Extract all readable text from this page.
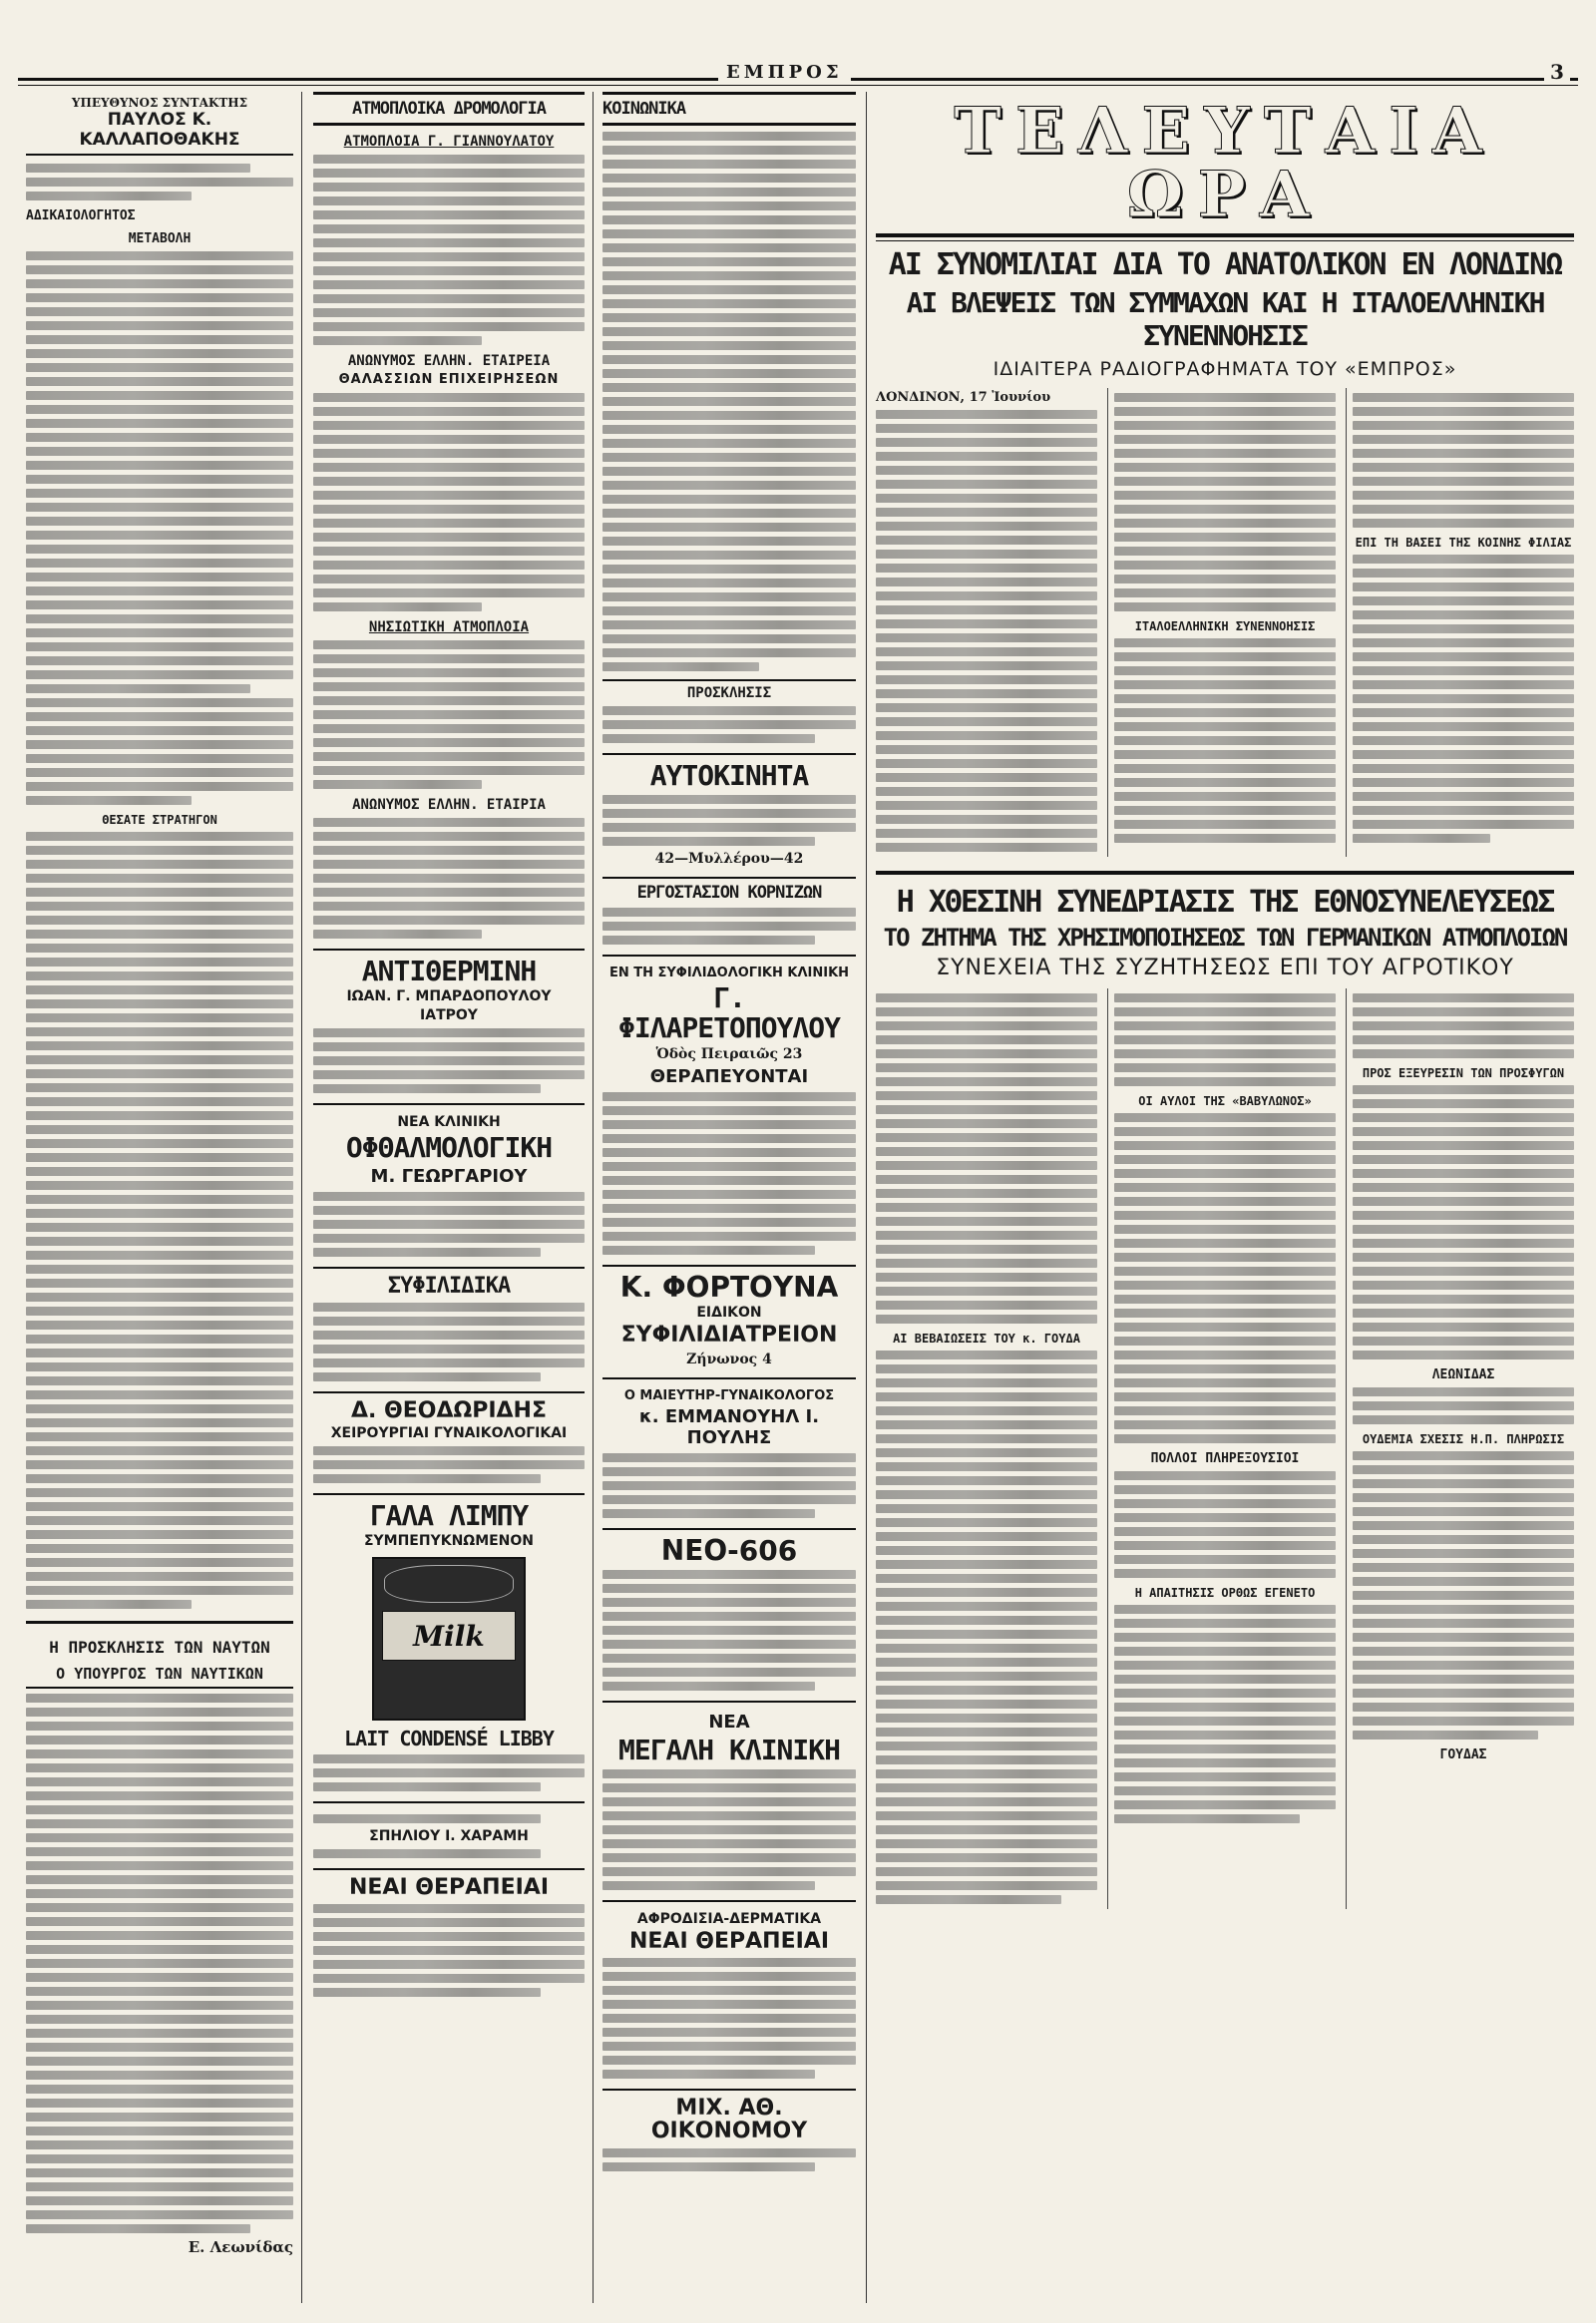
ΕΜΠΡΟΣ	3
ΥΠΕΥΘΥΝΟΣ ΣΥΝΤΑΚΤΗΣ
ΠΑΥΛΟΣ Κ. ΚΑΛΛΑΠΟΘΑΚΗΣ
ΑΔΙΚΑΙΟΛΟΓΗΤΟΣ
ΜΕΤΑΒΟΛΗ
ΘΕΣΑΤΕ ΣΤΡΑΤΗΓΟΝ
Η ΠΡΟΣΚΛΗΣΙΣ ΤΩΝ ΝΑΥΤΩΝ
Ο ΥΠΟΥΡΓΟΣ ΤΩΝ ΝΑΥΤΙΚΩΝ
Ε. Λεωνίδας
ΑΤΜΟΠΛΟΙΚΑ ΔΡΟΜΟΛΟΓΙΑ
ΑΤΜΟΠΛΟΙΑ Γ. ΓΙΑΝΝΟΥΛΑΤΟΥ
ΑΝΩΝΥΜΟΣ ΕΛΛΗΝ. ΕΤΑΙΡΕΙΑ
ΘΑΛΑΣΣΙΩΝ ΕΠΙΧΕΙΡΗΣΕΩΝ
ΝΗΣΙΩΤΙΚΗ ΑΤΜΟΠΛΟΙΑ
ΑΝΩΝΥΜΟΣ ΕΛΛΗΝ. ΕΤΑΙΡΙΑ
ΑΝΤΙΘΕΡΜΙΝΗ
ΙΩΑΝ. Γ. ΜΠΑΡΔΟΠΟΥΛΟΥ
ΙΑΤΡΟΥ
ΝΕΑ ΚΛΙΝΙΚΗ
ΟΦΘΑΛΜΟΛΟΓΙΚΗ
Μ. ΓΕΩΡΓΑΡΙΟΥ
ΣΥΦΙΛΙΔΙΚΑ
Δ. ΘΕΟΔΩΡΙΔΗΣ
ΧΕΙΡΟΥΡΓΙΑΙ ΓΥΝΑΙΚΟΛΟΓΙΚΑΙ
ΓΑΛΑ ΛΙΜΠΥ
ΣΥΜΠΕΠΥΚΝΩΜΕΝΟΝ
Milk
LAIT CONDENSÉ LIBBY
ΣΠΗΛΙΟΥ Ι. ΧΑΡΑΜΗ
ΝΕΑΙ ΘΕΡΑΠΕΙΑΙ
ΚΟΙΝΩΝΙΚΑ
ΠΡΟΣΚΛΗΣΙΣ
ΑΥΤΟΚΙΝΗΤΑ
42—Μυλλέρου—42
ΕΡΓΟΣΤΑΣΙΟΝ ΚΟΡΝΙΖΩΝ
ΕΝ ΤΗ ΣΥΦΙΛΙΔΟΛΟΓΙΚΗ ΚΛΙΝΙΚΗ
Γ. ΦΙΛΑΡΕΤΟΠΟΥΛΟΥ
Ὁδὸς Πειραιῶς 23
ΘΕΡΑΠΕΥΟΝΤΑΙ
Κ. ΦΟΡΤΟΥΝΑ
ΕΙΔΙΚΟΝ
ΣΥΦΙΛΙΔΙΑΤΡΕΙΟΝ
Ζήνωνος 4
Ο ΜΑΙΕΥΤΗΡ-ΓΥΝΑΙΚΟΛΟΓΟΣ
κ. ΕΜΜΑΝΟΥΗΛ Ι. ΠΟΥΛΗΣ
ΝΕΟ-606
ΝΕΑ
ΜΕΓΑΛΗ ΚΛΙΝΙΚΗ
ΑΦΡΟΔΙΣΙΑ-ΔΕΡΜΑΤΙΚΑ
ΝΕΑΙ ΘΕΡΑΠΕΙΑΙ
ΜΙΧ. ΑΘ. ΟΙΚΟΝΟΜΟΥ
ΤΕΛΕΥΤΑΙΑ ΩΡΑ
ΑΙ ΣΥΝΟΜΙΛΙΑΙ ΔΙΑ ΤΟ ΑΝΑΤΟΛΙΚΟΝ ΕΝ ΛΟΝΔΙΝΩ
ΑΙ ΒΛΕΨΕΙΣ ΤΩΝ ΣΥΜΜΑΧΩΝ ΚΑΙ Η ΙΤΑΛΟΕΛΛΗΝΙΚΗ ΣΥΝΕΝΝΟΗΣΙΣ
ΙΔΙΑΙΤΕΡΑ ΡΑΔΙΟΓΡΑΦΗΜΑΤΑ ΤΟΥ «ΕΜΠΡΟΣ»
ΛΟΝΔΙΝΟΝ, 17 Ἰουνίου
ΙΤΑΛΟΕΛΛΗΝΙΚΗ ΣΥΝΕΝΝΟΗΣΙΣ
ΕΠΙ ΤΗ ΒΑΣΕΙ ΤΗΣ ΚΟΙΝΗΣ ΦΙΛΙΑΣ
Η ΧΘΕΣΙΝΗ ΣΥΝΕΔΡΙΑΣΙΣ ΤΗΣ ΕΘΝΟΣΥΝΕΛΕΥΣΕΩΣ
ΤΟ ΖΗΤΗΜΑ ΤΗΣ ΧΡΗΣΙΜΟΠΟΙΗΣΕΩΣ ΤΩΝ ΓΕΡΜΑΝΙΚΩΝ ΑΤΜΟΠΛΟΙΩΝ
ΣΥΝΕΧΕΙΑ ΤΗΣ ΣΥΖΗΤΗΣΕΩΣ ΕΠΙ ΤΟΥ ΑΓΡΟΤΙΚΟΥ
ΑΙ ΒΕΒΑΙΩΣΕΙΣ ΤΟΥ κ. ΓΟΥΔΑ
ΟΙ ΑΥΛΟΙ ΤΗΣ «ΒΑΒΥΛΩΝΟΣ»
ΠΟΛΛΟΙ ΠΛΗΡΕΞΟΥΣΙΟΙ
Η ΑΠΑΙΤΗΣΙΣ ΟΡΘΩΣ ΕΓΕΝΕΤΟ
ΠΡΟΣ ΕΞΕΥΡΕΣΙΝ ΤΩΝ ΠΡΟΣΦΥΓΩΝ
ΛΕΩΝΙΔΑΣ
ΟΥΔΕΜΙΑ ΣΧΕΣΙΣ Η.Π. ΠΛΗΡΩΣΙΣ
ΓΟΥΔΑΣ
